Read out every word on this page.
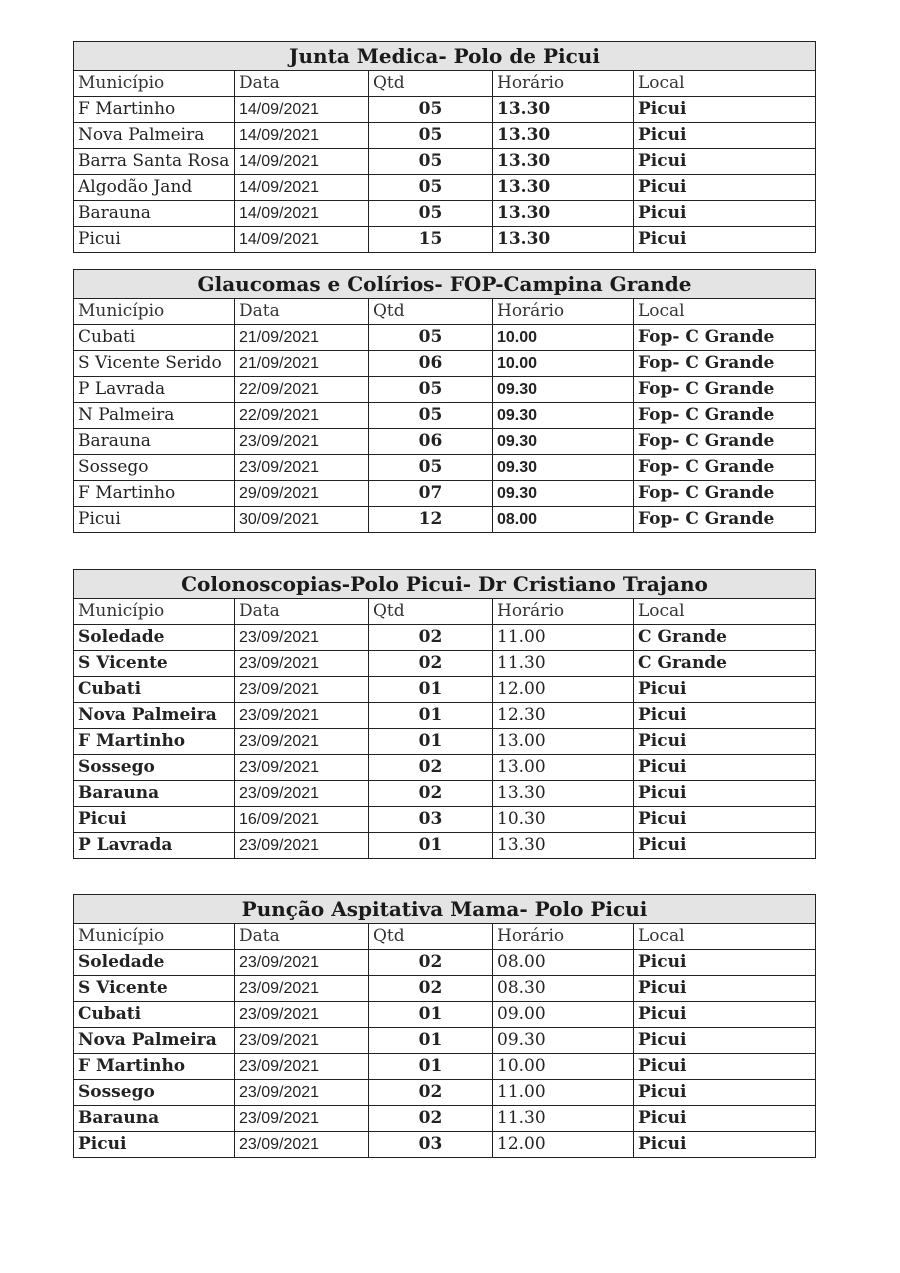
Junta Medica- Polo de Picui				
Município	Data	Qtd	Horário	Local
F Martinho	14/09/2021	05	13.30	Picui
Nova Palmeira	14/09/2021	05	13.30	Picui
Barra Santa Rosa	14/09/2021	05	13.30	Picui
Algodão Jand	14/09/2021	05	13.30	Picui
Barauna	14/09/2021	05	13.30	Picui
Picui	14/09/2021	15	13.30	Picui
Glaucomas e Colírios- FOP-Campina Grande				
Município	Data	Qtd	Horário	Local
Cubati	21/09/2021	05	10.00	Fop- C Grande
S Vicente Serido	21/09/2021	06	10.00	Fop- C Grande
P Lavrada	22/09/2021	05	09.30	Fop- C Grande
N Palmeira	22/09/2021	05	09.30	Fop- C Grande
Barauna	23/09/2021	06	09.30	Fop- C Grande
Sossego	23/09/2021	05	09.30	Fop- C Grande
F Martinho	29/09/2021	07	09.30	Fop- C Grande
Picui	30/09/2021	12	08.00	Fop- C Grande
Colonoscopias-Polo Picui- Dr Cristiano Trajano				
Município	Data	Qtd	Horário	Local
Soledade	23/09/2021	02	11.00	C Grande
S Vicente	23/09/2021	02	11.30	C Grande
Cubati	23/09/2021	01	12.00	Picui
Nova Palmeira	23/09/2021	01	12.30	Picui
F Martinho	23/09/2021	01	13.00	Picui
Sossego	23/09/2021	02	13.00	Picui
Barauna	23/09/2021	02	13.30	Picui
Picui	16/09/2021	03	10.30	Picui
P Lavrada	23/09/2021	01	13.30	Picui
Punção Aspitativa Mama- Polo Picui				
Município	Data	Qtd	Horário	Local
Soledade	23/09/2021	02	08.00	Picui
S Vicente	23/09/2021	02	08.30	Picui
Cubati	23/09/2021	01	09.00	Picui
Nova Palmeira	23/09/2021	01	09.30	Picui
F Martinho	23/09/2021	01	10.00	Picui
Sossego	23/09/2021	02	11.00	Picui
Barauna	23/09/2021	02	11.30	Picui
Picui	23/09/2021	03	12.00	Picui
